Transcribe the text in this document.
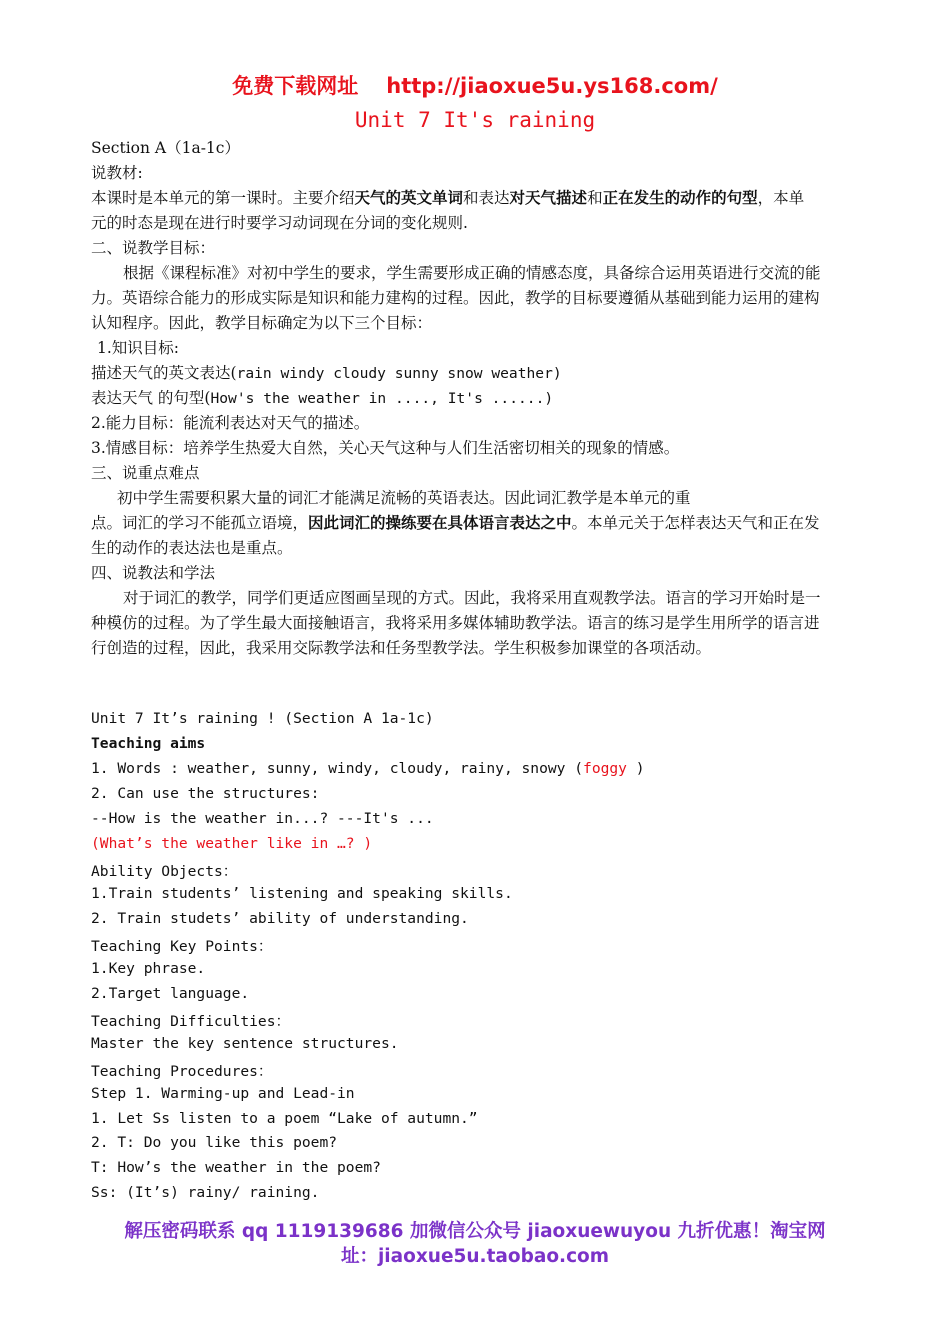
免费下载网址 http://jiaoxue5u.ys168.com/
Unit 7 It's raining
Section A（1a-1c）
说教材:
本课时是本单元的第一课时。主要介绍天气的英文单词和表达对天气描述和正在发生的动作的句型，本单
元的时态是现在进行时要学习动词现在分词的变化规则.
二、说教学目标：
根据《课程标准》对初中学生的要求，学生需要形成正确的情感态度，具备综合运用英语进行交流的能
力。英语综合能力的形成实际是知识和能力建构的过程。因此，教学的目标要遵循从基础到能力运用的建构
认知程序。因此，教学目标确定为以下三个目标：
1.知识目标:
描述天气的英文表达(rain windy cloudy sunny snow weather)
表达天气 的句型(How's the weather in ...., It's ......)
2.能力目标：能流利表达对天气的描述。
3.情感目标：培养学生热爱大自然，关心天气这种与人们生活密切相关的现象的情感。
三、说重点难点
初中学生需要积累大量的词汇才能满足流畅的英语表达。因此词汇教学是本单元的重
点。词汇的学习不能孤立语境，因此词汇的操练要在具体语言表达之中。本单元关于怎样表达天气和正在发
生的动作的表达法也是重点。
四、说教法和学法
对于词汇的教学，同学们更适应图画呈现的方式。因此，我将采用直观教学法。语言的学习开始时是一
种模仿的过程。为了学生最大面接触语言，我将采用多媒体辅助教学法。语言的练习是学生用所学的语言进
行创造的过程，因此，我采用交际教学法和任务型教学法。学生积极参加课堂的各项活动。
Unit 7 It’s raining ! (Section A 1a-1c)
Teaching aims
1. Words : weather, sunny, windy, cloudy, rainy, snowy (foggy )
2. Can use the structures:
--How is the weather in...? ---It's ...
(What’s the weather like in …? )
Ability Objects：
1.Train students’ listening and speaking skills.
2. Train studets’ ability of understanding.
Teaching Key Points：
1.Key phrase.
2.Target language.
Teaching Difficulties：
Master the key sentence structures.
Teaching Procedures：
Step 1. Warming-up and Lead-in
1. Let Ss listen to a poem “Lake of autumn.”
2. T: Do you like this poem?
T: How’s the weather in the poem?
Ss: (It’s) rainy/ raining.
解压密码联系 qq 1119139686 加微信公众号 jiaoxuewuyou 九折优惠！淘宝网
址：jiaoxue5u.taobao.com
